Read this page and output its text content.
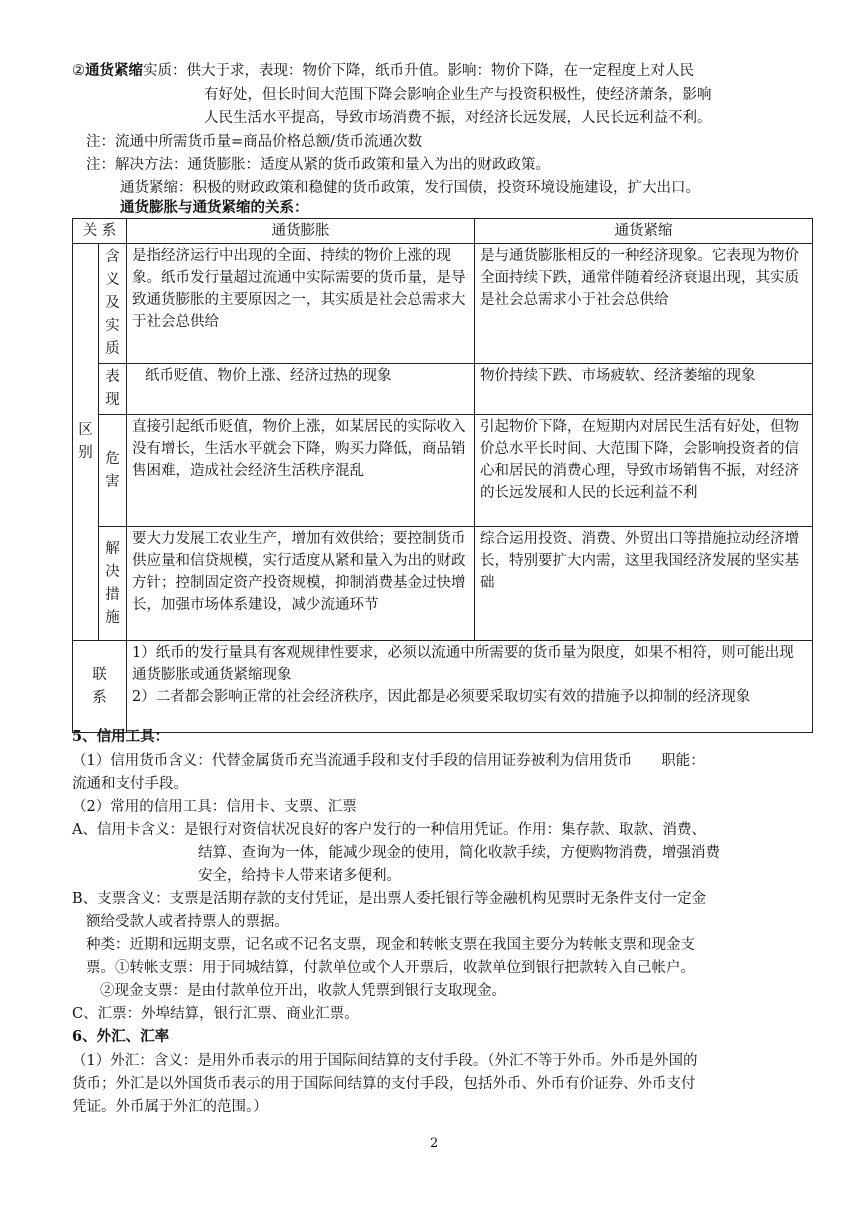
②通货紧缩实质：供大于求，表现：物价下降，纸币升值。影响：物价下降，在一定程度上对人民
有好处，但长时间大范围下降会影响企业生产与投资积极性，使经济萧条，影响
人民生活水平提高，导致市场消费不振，对经济长远发展，人民长远利益不利。
注：流通中所需货币量=商品价格总额/货币流通次数
注：解决方法：通货膨胀：适度从紧的货币政策和量入为出的财政政策。
通货紧缩：积极的财政政策和稳健的货币政策，发行国债，投资环境设施建设，扩大出口。
通货膨胀与通货紧缩的关系：
关 系		通货膨胀	通货紧缩
区别	含义及实质	是指经济运行中出现的全面、持续的物价上涨的现象。纸币发行量超过流通中实际需要的货币量，是导致通货膨胀的主要原因之一，其实质是社会总需求大于社会总供给	是与通货膨胀相反的一种经济现象。它表现为物价全面持续下跌，通常伴随着经济衰退出现，其实质是社会总需求小于社会总供给
	表现	纸币贬值、物价上涨、经济过热的现象	物价持续下跌、市场疲软、经济萎缩的现象
	危害	直接引起纸币贬值，物价上涨，如某居民的实际收入没有增长，生活水平就会下降，购买力降低，商品销售困难，造成社会经济生活秩序混乱	引起物价下降，在短期内对居民生活有好处，但物价总水平长时间、大范围下降，会影响投资者的信心和居民的消费心理，导致市场销售不振，对经济的长远发展和人民的长远利益不利
	解决措施	要大力发展工农业生产，增加有效供给；要控制货币供应量和信贷规模，实行适度从紧和量入为出的财政方针；控制固定资产投资规模，抑制消费基金过快增长，加强市场体系建设，减少流通环节	综合运用投资、消费、外贸出口等措施拉动经济增长，特别要扩大内需，这里我国经济发展的坚实基础
联系		1）纸币的发行量具有客观规律性要求，必须以流通中所需要的货币量为限度，如果不相符，则可能出现通货膨胀或通货紧缩现象
2）二者都会影响正常的社会经济秩序，因此都是必须要采取切实有效的措施予以抑制的经济现象	
5、信用工具：
（1）信用货币含义：代替金属货币充当流通手段和支付手段的信用证券被利为信用货币　　职能：
流通和支付手段。
（2）常用的信用工具：信用卡、支票、汇票
A、信用卡含义：是银行对资信状况良好的客户发行的一种信用凭证。作用：集存款、取款、消费、
结算、查询为一体，能减少现金的使用，简化收款手续，方便购物消费，增强消费
安全，给持卡人带来诸多便利。
B、支票含义：支票是活期存款的支付凭证，是出票人委托银行等金融机构见票时无条件支付一定金
额给受款人或者持票人的票据。
种类：近期和远期支票，记名或不记名支票，现金和转帐支票在我国主要分为转帐支票和现金支
票。①转帐支票：用于同城结算，付款单位或个人开票后，收款单位到银行把款转入自己帐户。
②现金支票：是由付款单位开出，收款人凭票到银行支取现金。
C、汇票：外埠结算，银行汇票、商业汇票。
6、外汇、汇率
（1）外汇：含义：是用外币表示的用于国际间结算的支付手段。（外汇不等于外币。外币是外国的
货币；外汇是以外国货币表示的用于国际间结算的支付手段，包括外币、外币有价证券、外币支付
凭证。外币属于外汇的范围。）
2
